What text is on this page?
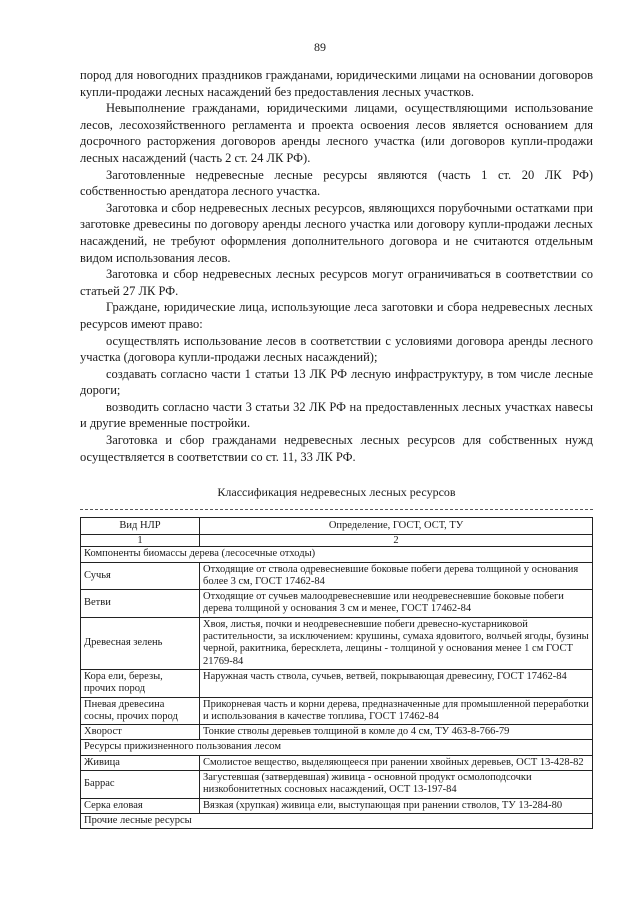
89

пород для новогодних праздников гражданами, юридическими лицами на основании договоров купли-продажи лесных насаждений без предоставления лесных участков.

Невыполнение гражданами, юридическими лицами, осуществляющими использование лесов, лесохозяйственного регламента и проекта освоения лесов является основанием для досрочного расторжения договоров аренды лесного участка (или договоров купли-продажи лесных насаждений (часть 2 ст. 24 ЛК РФ).

Заготовленные недревесные лесные ресурсы являются (часть 1 ст. 20 ЛК РФ) собственностью арендатора лесного участка.

Заготовка и сбор недревесных лесных ресурсов, являющихся порубочными остатками при заготовке древесины по договору аренды лесного участка или договору купли-продажи лесных насаждений, не требуют оформления дополнительного договора и не считаются отдельным видом использования лесов.

Заготовка и сбор недревесных лесных ресурсов могут ограничиваться в соответствии со статьей 27 ЛК РФ.

Граждане, юридические лица, использующие леса заготовки и сбора недревесных лесных ресурсов имеют право:

осуществлять использование лесов в соответствии с условиями договора аренды лесного участка (договора купли-продажи лесных насаждений);

создавать согласно части 1 статьи 13 ЛК РФ лесную инфраструктуру, в том числе лесные дороги;

возводить согласно части 3 статьи 32 ЛК РФ на предоставленных лесных участках навесы и другие временные постройки.

Заготовка и сбор гражданами недревесных лесных ресурсов для собственных нужд осуществляется в соответствии со ст. 11, 33 ЛК РФ.

Классификация недревесных лесных ресурсов
Вид НЛР	Определение, ГОСТ, ОСТ, ТУ
1	2
Компоненты биомассы дерева (лесосечные отходы)	
Сучья	Отходящие от ствола одревесневшие боковые побеги дерева толщиной у основания более 3 см, ГОСТ 17462-84
Ветви	Отходящие от сучьев малоодревесневшие или неодревесневшие боковые побеги дерева толщиной у основания 3 см и менее, ГОСТ 17462-84
Древесная зелень	Хвоя, листья, почки и неодревесневшие побеги древесно-кустарниковой растительности, за исключением: крушины, сумаха ядовитого, волчьей ягоды, бузины черной, ракитника, бересклета, лещины - толщиной у основания менее 1 см ГОСТ 21769-84
Кора ели, березы, прочих пород	Наружная часть ствола, сучьев, ветвей, покрывающая древесину, ГОСТ 17462-84
Пневая древесина сосны, прочих пород	Прикорневая часть и корни дерева, предназначенные для промышленной переработки и использования в качестве топлива, ГОСТ 17462-84
Хворост	Тонкие стволы деревьев толщиной в комле до 4 см, ТУ 463-8-766-79
Ресурсы прижизненного пользования лесом	
Живица	Смолистое вещество, выделяющееся при ранении хвойных деревьев, ОСТ 13-428-82
Баррас	Загустевшая (затвердевшая) живица - основной продукт осмолоподсочки низкобонитетных сосновых насаждений, ОСТ 13-197-84
Серка еловая	Вязкая (хрупкая) живица ели, выступающая при ранении стволов, ТУ 13-284-80
Прочие лесные ресурсы	
